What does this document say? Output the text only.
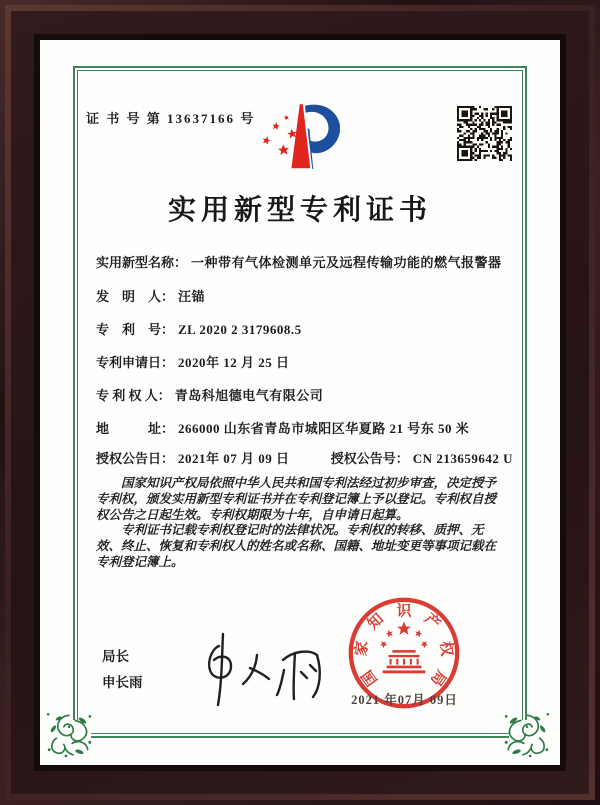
证 书 号 第 13637166 号
实用新型专利证书
实用新型名称： 一种带有气体检测单元及远程传输功能的燃气报警器
发　明　人： 汪锚
专　利　号： ZL 2020 2 3179608.5
专利申请日： 2020年 12 月 25 日
专 利 权 人： 青岛科旭德电气有限公司
地　　　址： 266000 山东省青岛市城阳区华夏路 21 号东 50 米
授权公告日： 2021年 07 月 09 日	授权公告号： CN 213659642 U

国家知识产权局依照中华人民共和国专利法经过初步审查，决定授予专利权，颁发实用新型专利证书并在专利登记簿上予以登记。专利权自授权公告之日起生效。专利权期限为十年，自申请日起算。

专利证书记载专利权登记时的法律状况。专利权的转移、质押、无效、终止、恢复和专利权人的姓名或名称、国籍、地址变更等事项记载在专利登记簿上。

局长
申长雨	国
家
知 识 产
权
局
2021 年07月 09日
